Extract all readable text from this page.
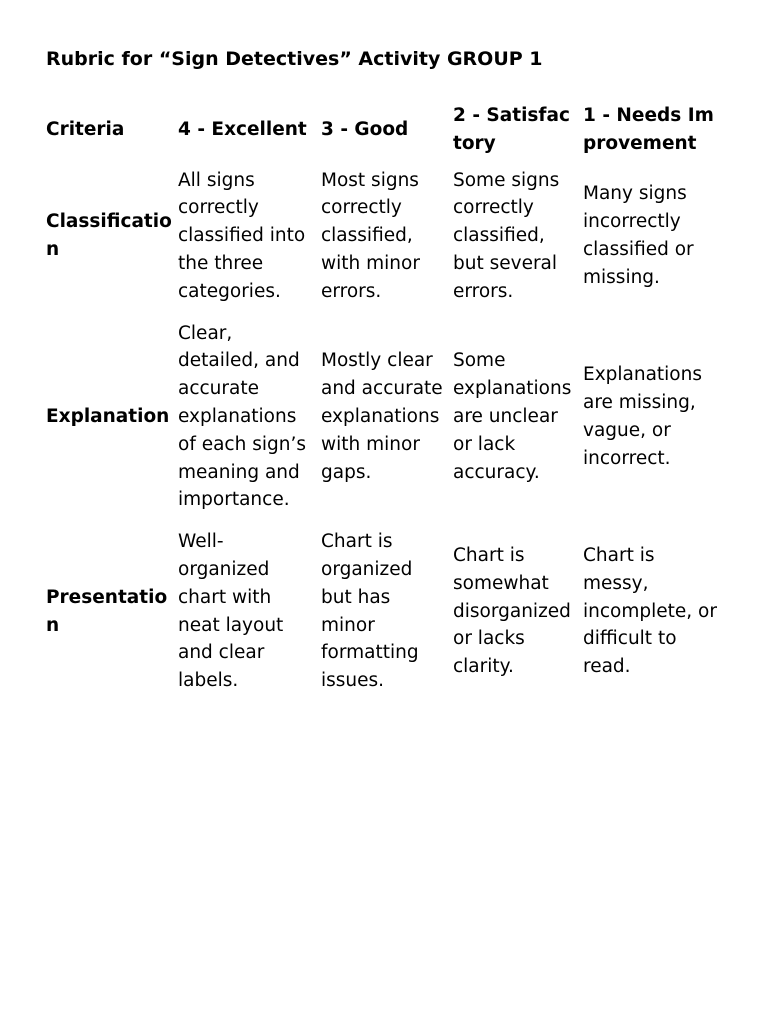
Rubric for “Sign Detectives” Activity GROUP 1
Criteria	4 - Excellent	3 - Good	2 - Satisfactory	1 - Needs Improvement
Classification	All signs correctly classified into the three categories.	Most signs correctly classified, with minor errors.	Some signs correctly classified, but several errors.	Many signs incorrectly classified or missing.
Explanation	Clear, detailed, and accurate explanations of each sign’s meaning and importance.	Mostly clear and accurate explanations with minor gaps.	Some explanations are unclear or lack accuracy.	Explanations are missing, vague, or incorrect.
Presentation	Well-organized chart with neat layout and clear labels.	Chart is organized but has minor formatting issues.	Chart is somewhat disorganized or lacks clarity.	Chart is messy, incomplete, or difficult to read.
